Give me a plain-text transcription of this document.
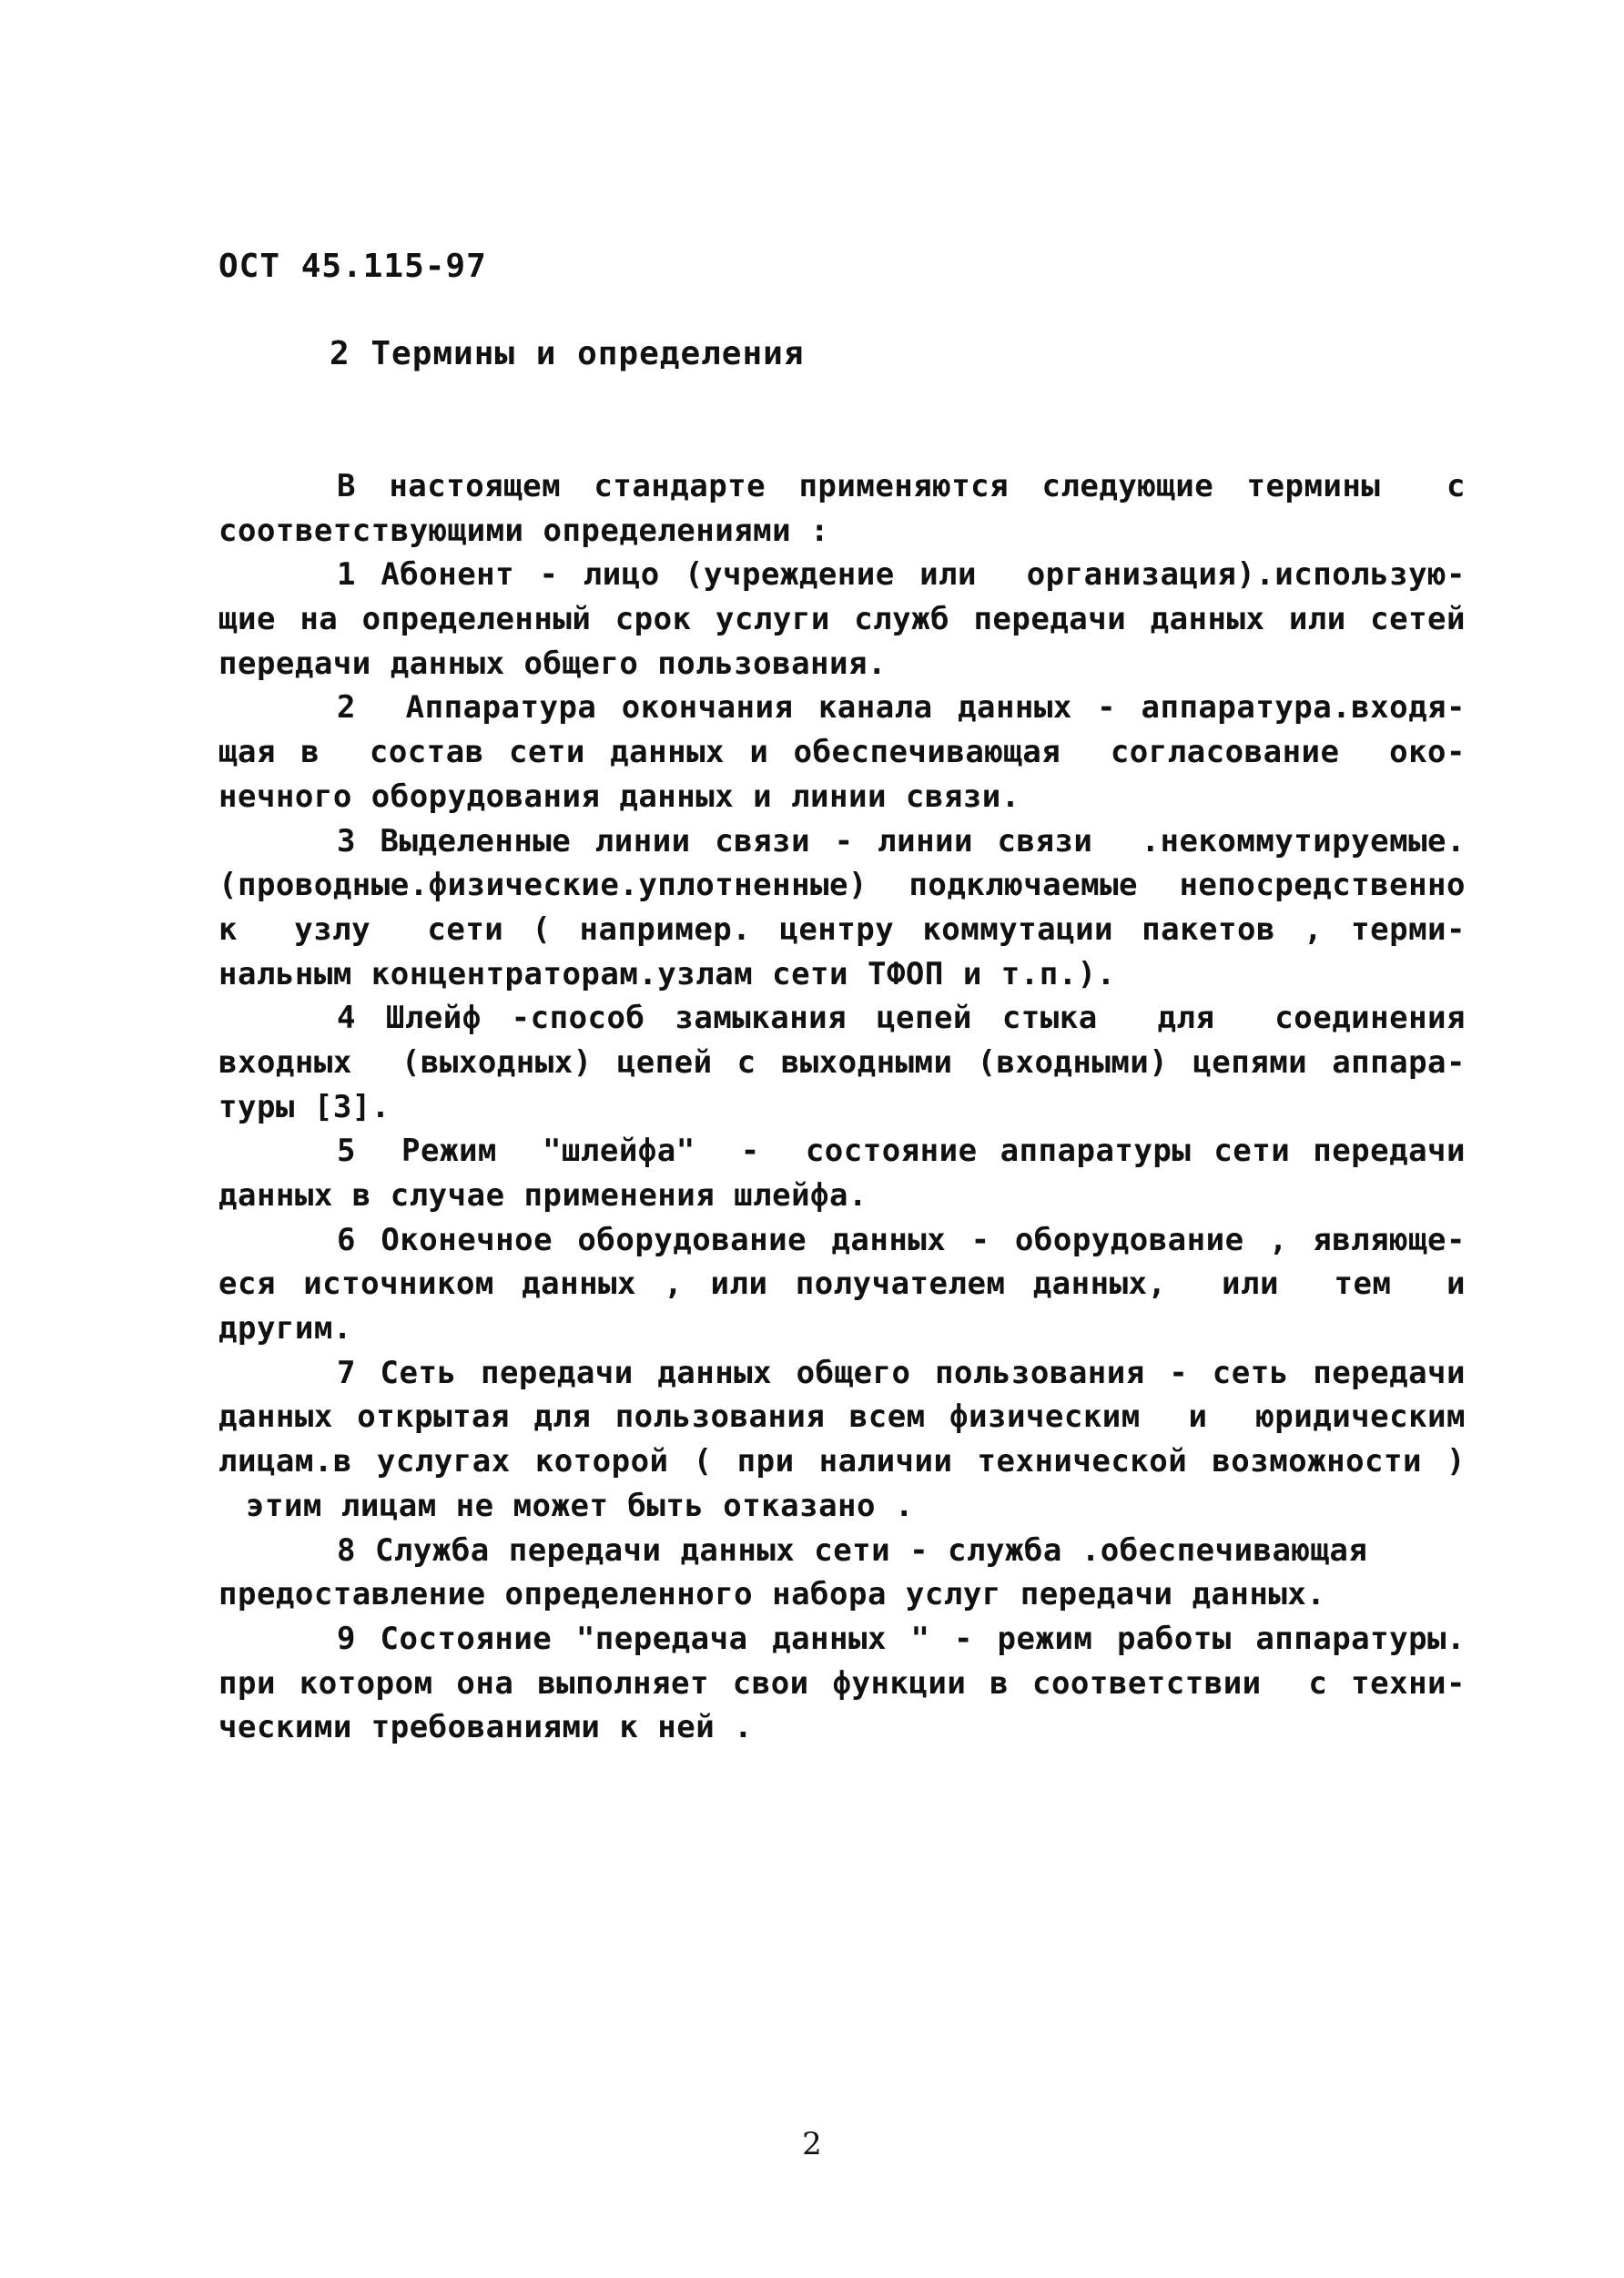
ОСТ 45.115-97
2 Термины и определения
В настоящем стандарте применяются следующие термины  с
соответствующими определениями :
1 Абонент - лицо (учреждение или  организация).использую-
щие на определенный срок услуги служб передачи данных или сетей
передачи данных общего пользования.
2  Аппаратура окончания канала данных - аппаратура.входя-
щая в  состав сети данных и обеспечивающая  согласование  око-
нечного оборудования данных и линии связи.
3 Выделенные линии связи - линии связи  .некоммутируемые.
(проводные.физические.уплотненные) подключаемые непосредственно
к  узлу  сети ( например. центру коммутации пакетов , терми-
нальным концентраторам.узлам сети ТФОП и т.п.).
4 Шлейф -способ замыкания цепей стыка  для  соединения
входных  (выходных) цепей с выходными (входными) цепями аппара-
туры [3].
5  Режим  "шлейфа"  -  состояние аппаратуры сети передачи
данных в случае применения шлейфа.
6 Оконечное оборудование данных - оборудование , являюще-
еся источником данных , или получателем данных,  или  тем  и
другим.
7 Сеть передачи данных общего пользования - сеть передачи
данных открытая для пользования всем физическим  и  юридическим
лицам.в услугах которой ( при наличии технической возможности )
этим лицам не может быть отказано .
8 Служба передачи данных сети - служба .обеспечивающая
предоставление определенного набора услуг передачи данных.
9 Состояние "передача данных " - режим работы аппаратуры.
при котором она выполняет свои функции в соответствии  с техни-
ческими требованиями к ней .
2
